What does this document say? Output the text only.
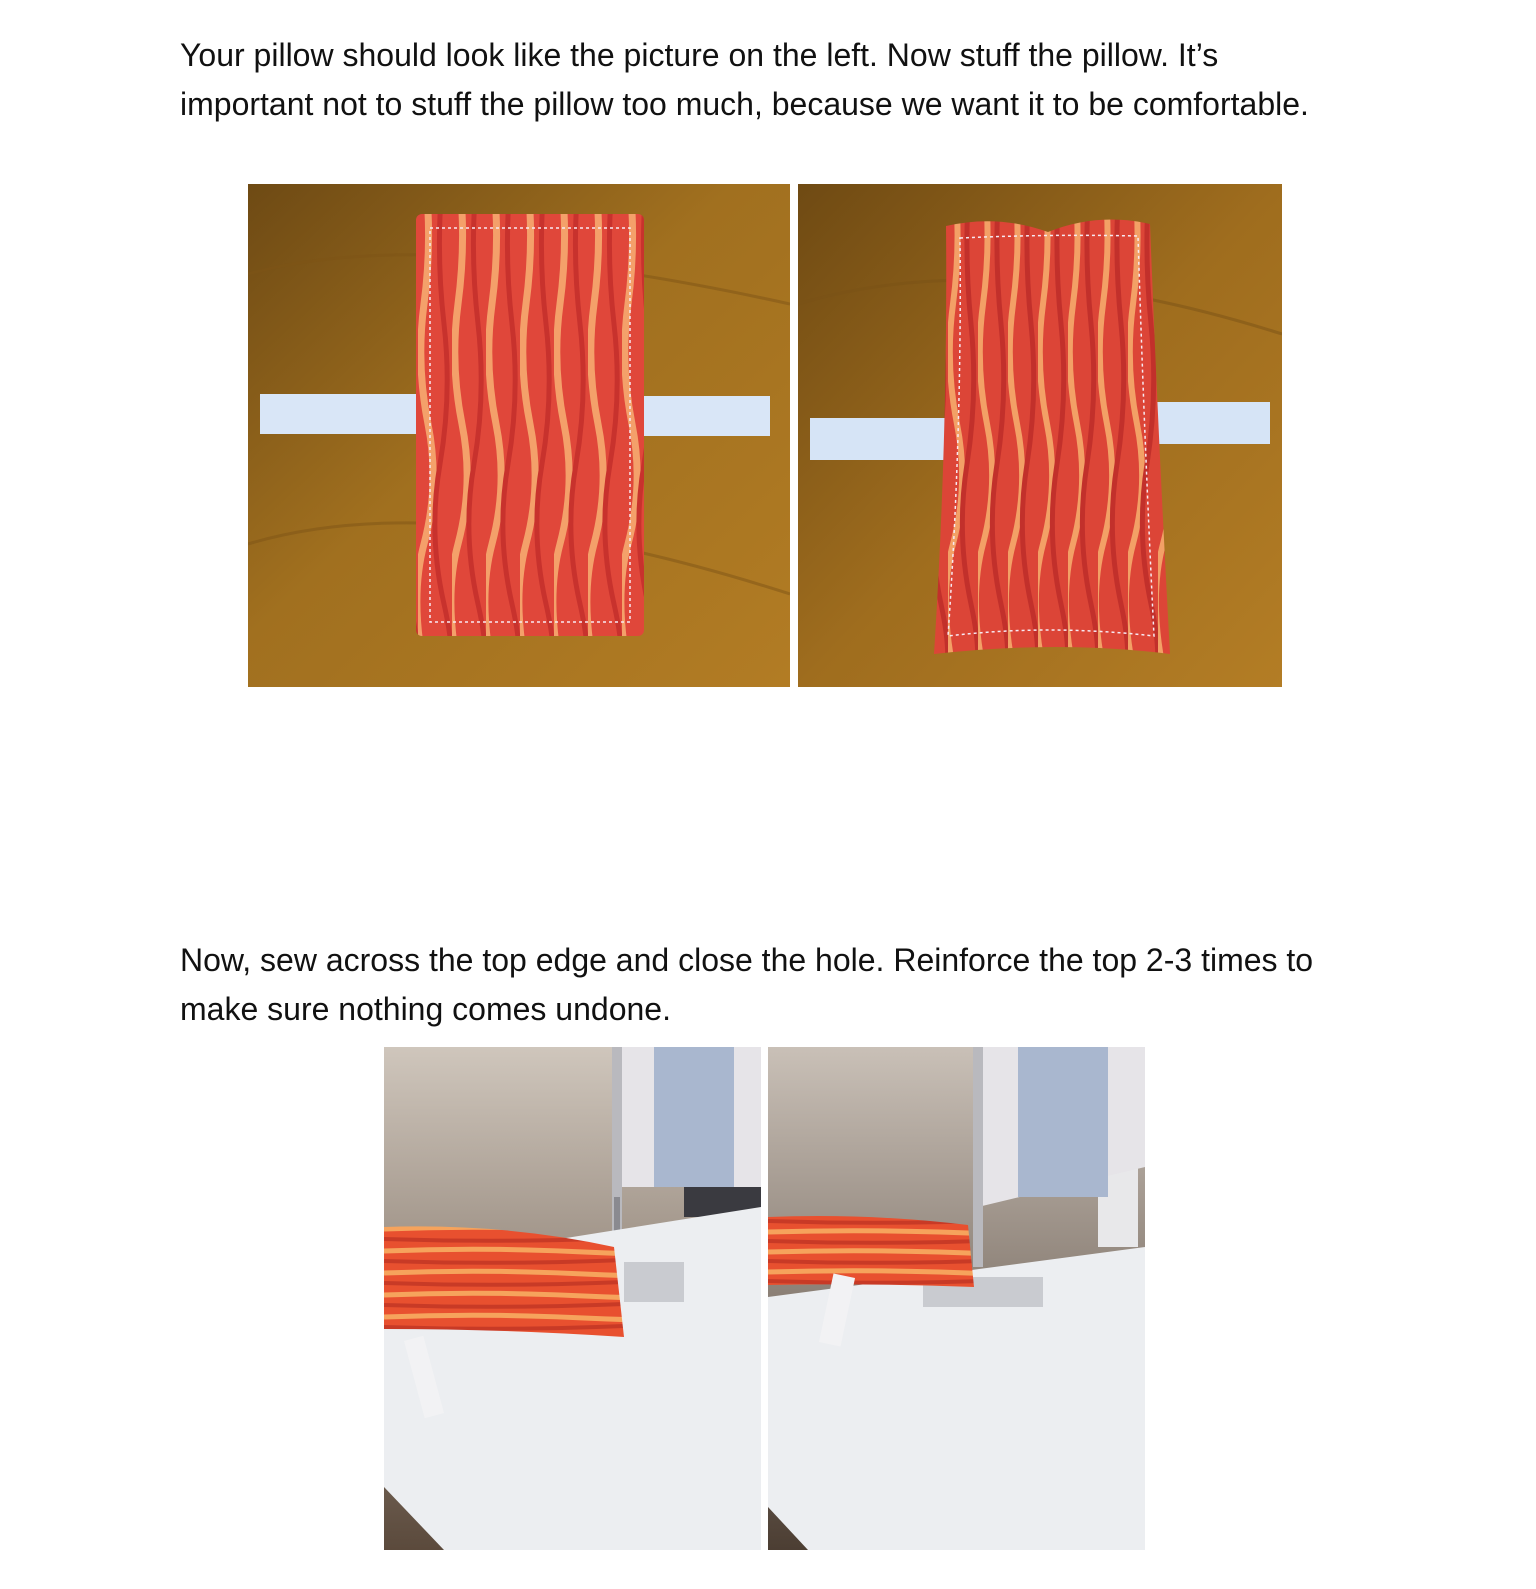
Your pillow should look like the picture on the left. Now stuff the pillow. It’s important not to stuff the pillow too much, because we want it to be comfortable.

Now, sew across the top edge and close the hole. Reinforce the top 2-3 times to make sure nothing comes undone.
